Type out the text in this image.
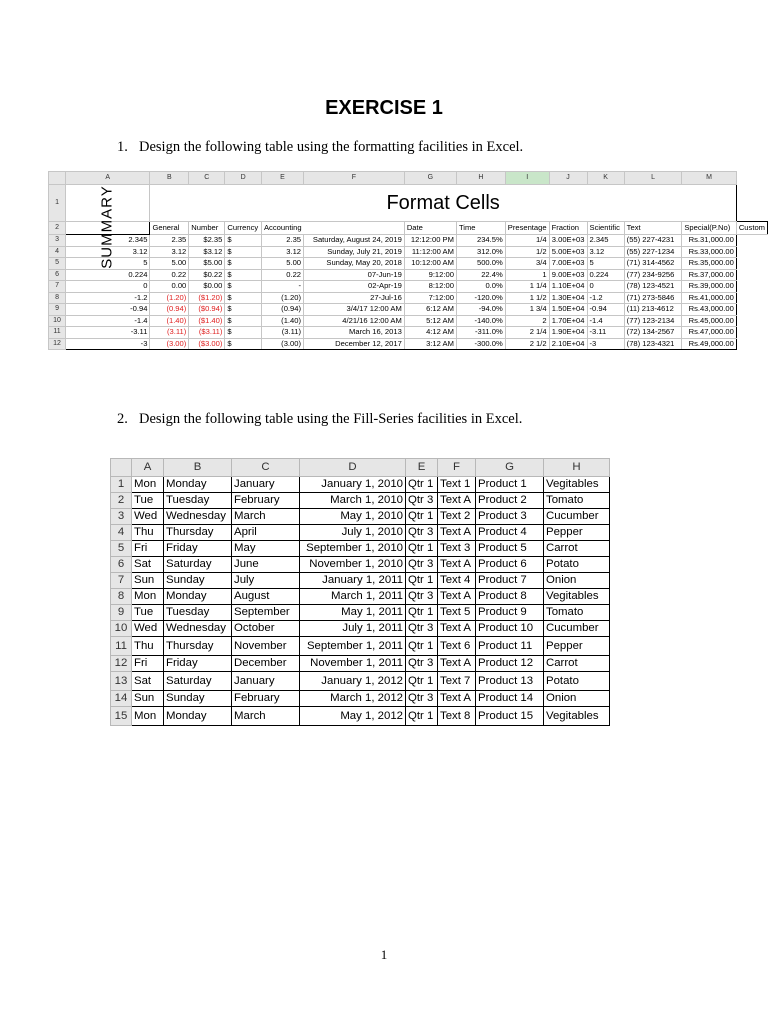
EXERCISE 1
1. Design the following table using the formatting facilities in Excel.
	A	B	C	D	E	F	G	H	I	J	K	L	M	
1		Format Cells												
2	SUMMARY	General	Number	Currency	Accounting		Date	Time	Presentage	Fraction	Scientific	Text	Special(P.No)	Custom
3	2.345	2.35	$2.35	$	2.35	Saturday, August 24, 2019	12:12:00 PM	234.5%	1/4	3.00E+03	2.345	(55) 227-4231	Rs.31,000.00	
4	3.12	3.12	$3.12	$	3.12	Sunday, July 21, 2019	11:12:00 AM	312.0%	1/2	5.00E+03	3.12	(55) 227-1234	Rs.33,000.00	
5	5	5.00	$5.00	$	5.00	Sunday, May 20, 2018	10:12:00 AM	500.0%	3/4	7.00E+03	5	(71) 314-4562	Rs.35,000.00	
6	0.224	0.22	$0.22	$	0.22	07-Jun-19	9:12:00	22.4%	1	9.00E+03	0.224	(77) 234-9256	Rs.37,000.00	
7	0	0.00	$0.00	$	-	02-Apr-19	8:12:00	0.0%	1 1/4	1.10E+04	0	(78) 123-4521	Rs.39,000.00	
8	-1.2	(1.20)	($1.20)	$	(1.20)	27-Jul-16	7:12:00	-120.0%	1 1/2	1.30E+04	-1.2	(71) 273-5846	Rs.41,000.00	
9	-0.94	(0.94)	($0.94)	$	(0.94)	3/4/17 12:00 AM	6:12 AM	-94.0%	1 3/4	1.50E+04	-0.94	(11) 213-4612	Rs.43,000.00	
10	-1.4	(1.40)	($1.40)	$	(1.40)	4/21/16 12:00 AM	5:12 AM	-140.0%	2	1.70E+04	-1.4	(77) 123-2134	Rs.45,000.00	
11	-3.11	(3.11)	($3.11)	$	(3.11)	March 16, 2013	4:12 AM	-311.0%	2 1/4	1.90E+04	-3.11	(72) 134-2567	Rs.47,000.00	
12	-3	(3.00)	($3.00)	$	(3.00)	December 12, 2017	3:12 AM	-300.0%	2 1/2	2.10E+04	-3	(78) 123-4321	Rs.49,000.00	
2. Design the following table using the Fill-Series facilities in Excel.
	A	B	C	D	E	F	G	H
1	Mon	Monday	January	January 1, 2010	Qtr 1	Text 1	Product 1	Vegitables
2	Tue	Tuesday	February	March 1, 2010	Qtr 3	Text A	Product 2	Tomato
3	Wed	Wednesday	March	May 1, 2010	Qtr 1	Text 2	Product 3	Cucumber
4	Thu	Thursday	April	July 1, 2010	Qtr 3	Text A	Product 4	Pepper
5	Fri	Friday	May	September 1, 2010	Qtr 1	Text 3	Product 5	Carrot
6	Sat	Saturday	June	November 1, 2010	Qtr 3	Text A	Product 6	Potato
7	Sun	Sunday	July	January 1, 2011	Qtr 1	Text 4	Product 7	Onion
8	Mon	Monday	August	March 1, 2011	Qtr 3	Text A	Product 8	Vegitables
9	Tue	Tuesday	September	May 1, 2011	Qtr 1	Text 5	Product 9	Tomato
10	Wed	Wednesday	October	July 1, 2011	Qtr 3	Text A	Product 10	Cucumber
11	Thu	Thursday	November	September 1, 2011	Qtr 1	Text 6	Product 11	Pepper
12	Fri	Friday	December	November 1, 2011	Qtr 3	Text A	Product 12	Carrot
13	Sat	Saturday	January	January 1, 2012	Qtr 1	Text 7	Product 13	Potato
14	Sun	Sunday	February	March 1, 2012	Qtr 3	Text A	Product 14	Onion
15	Mon	Monday	March	May 1, 2012	Qtr 1	Text 8	Product 15	Vegitables
1
